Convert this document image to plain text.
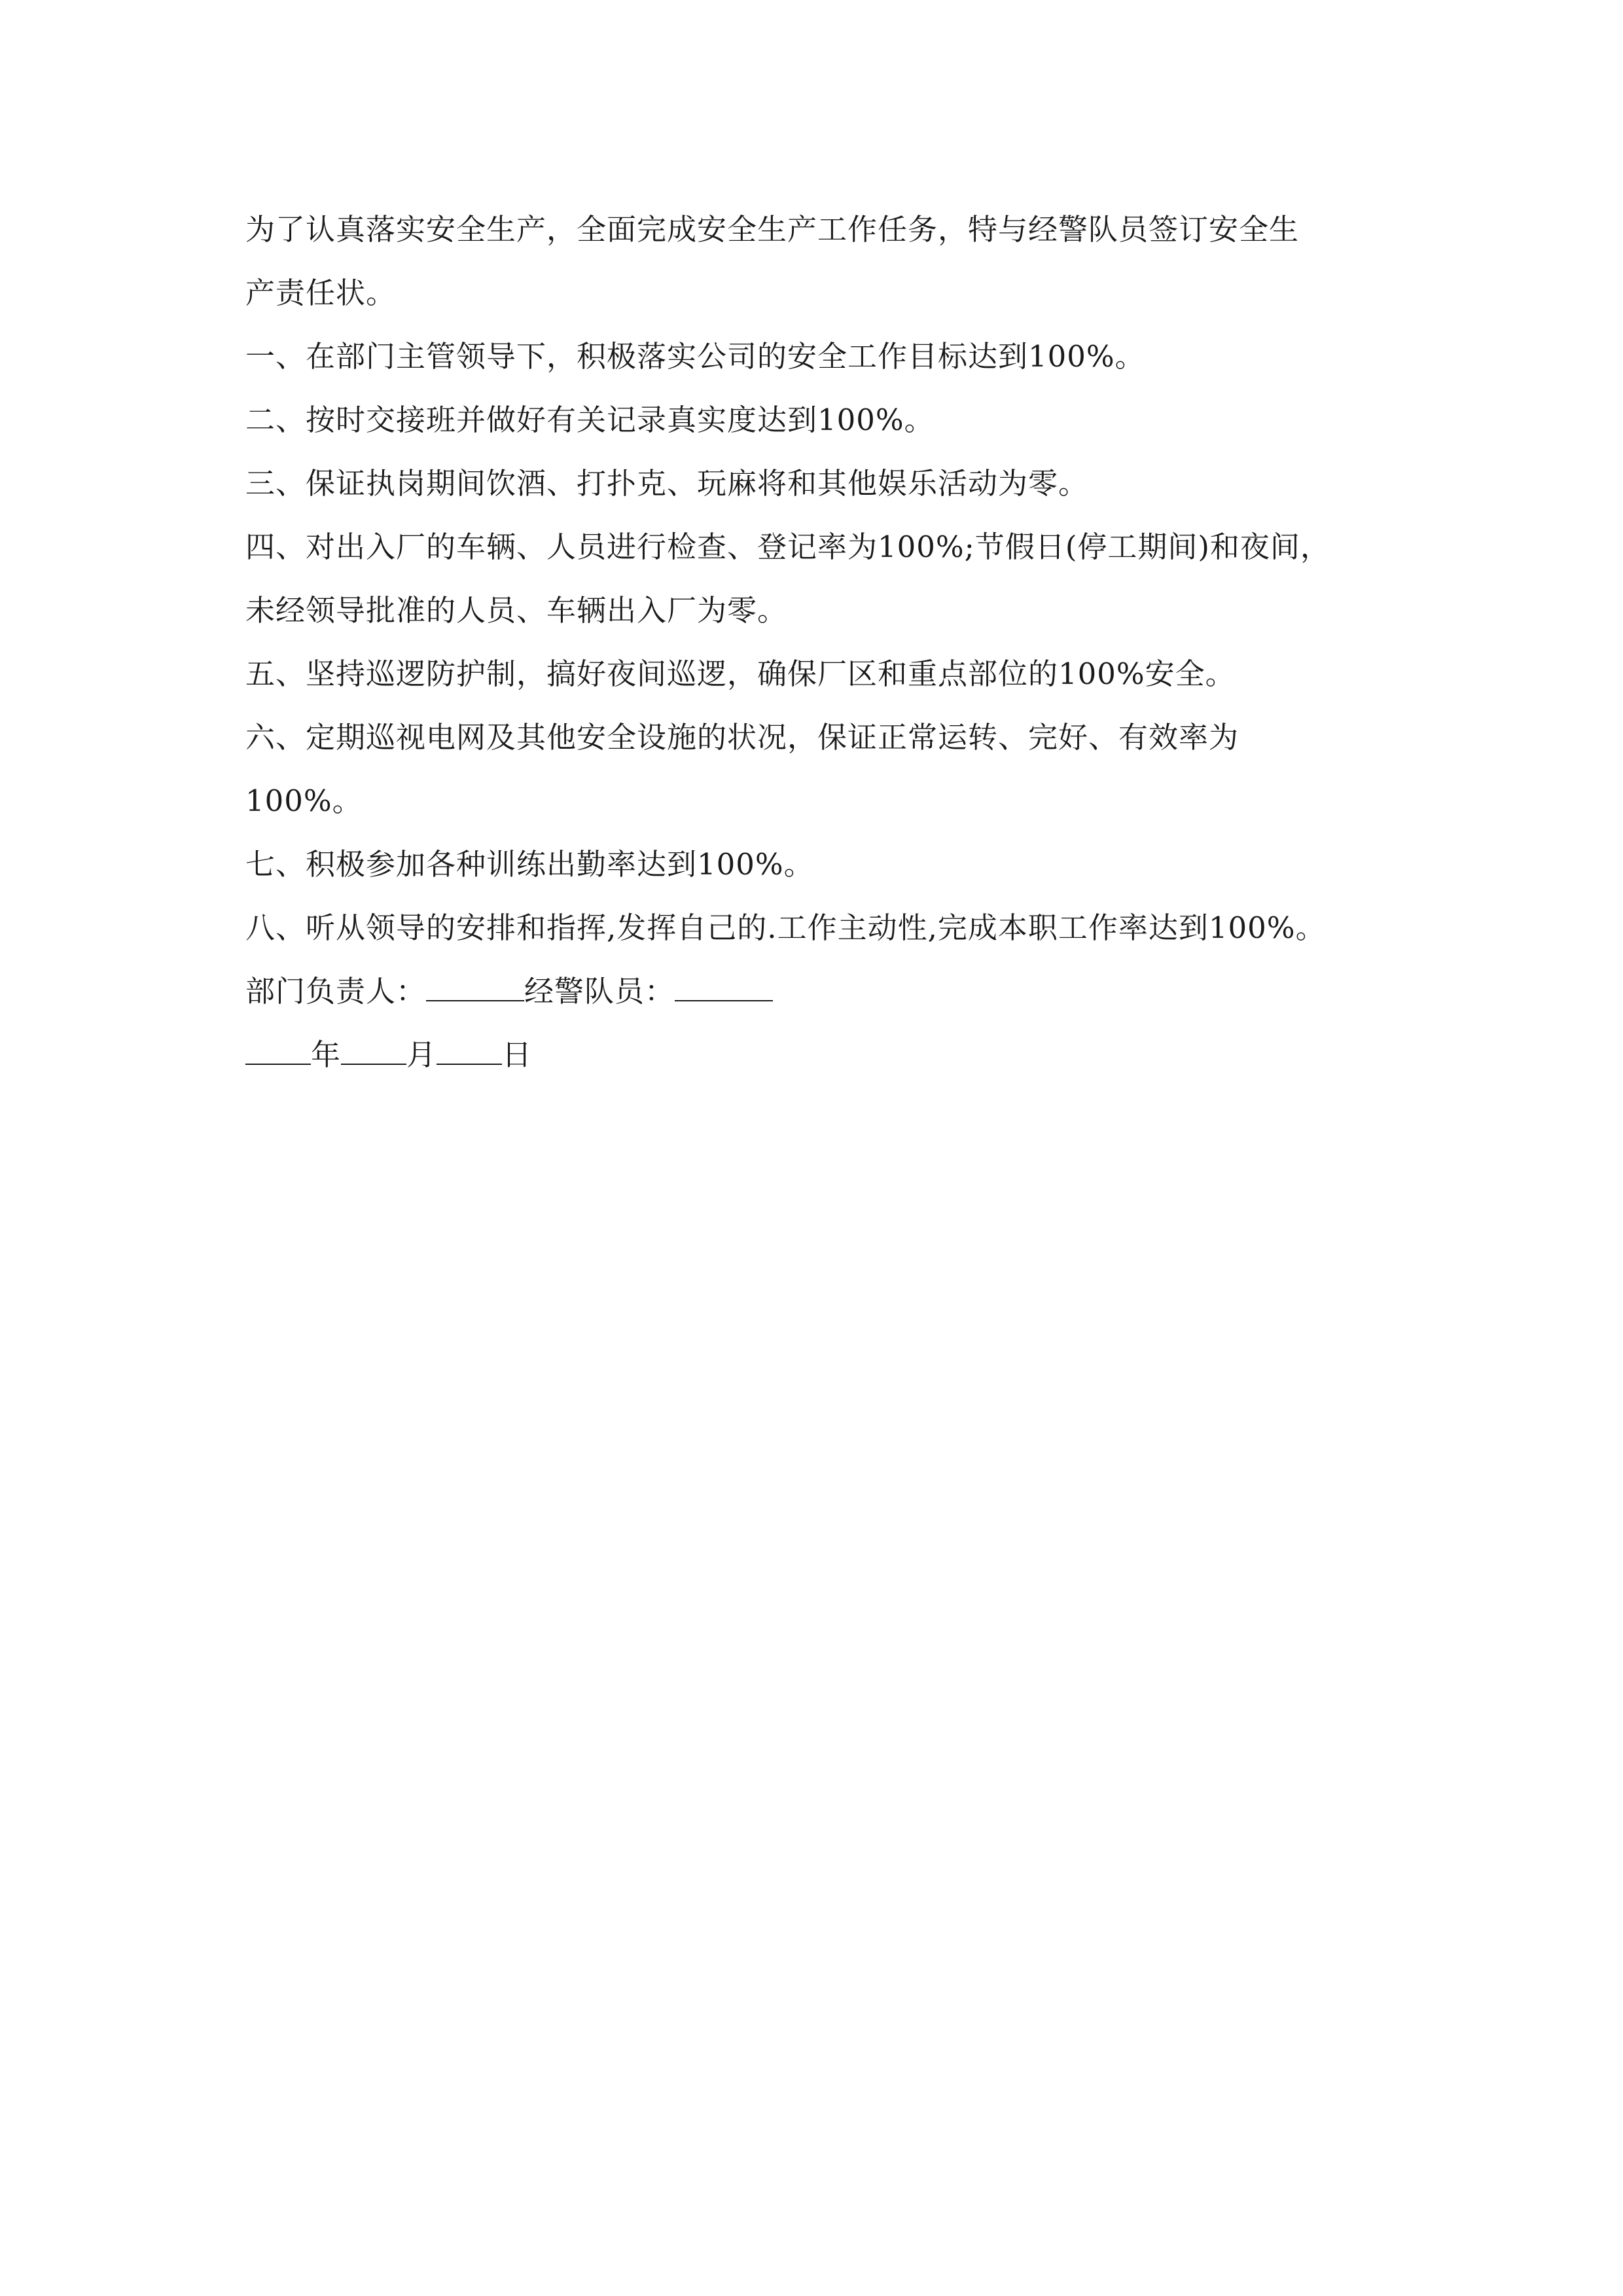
为了认真落实安全生产，全面完成安全生产工作任务，特与经警队员签订安全生
产责任状。
一、在部门主管领导下，积极落实公司的安全工作目标达到100%。
二、按时交接班并做好有关记录真实度达到100%。
三、保证执岗期间饮酒、打扑克、玩麻将和其他娱乐活动为零。
四、对出入厂的车辆、人员进行检查、登记率为100%;节假日(停工期间)和夜间，
未经领导批准的人员、车辆出入厂为零。
五、坚持巡逻防护制，搞好夜间巡逻，确保厂区和重点部位的100%安全。
六、定期巡视电网及其他安全设施的状况，保证正常运转、完好、有效率为
100%。
七、积极参加各种训练出勤率达到100%。
八、听从领导的安排和指挥,发挥自己的.工作主动性,完成本职工作率达到100%。
部门负责人：	经警队员：
年 月 日
